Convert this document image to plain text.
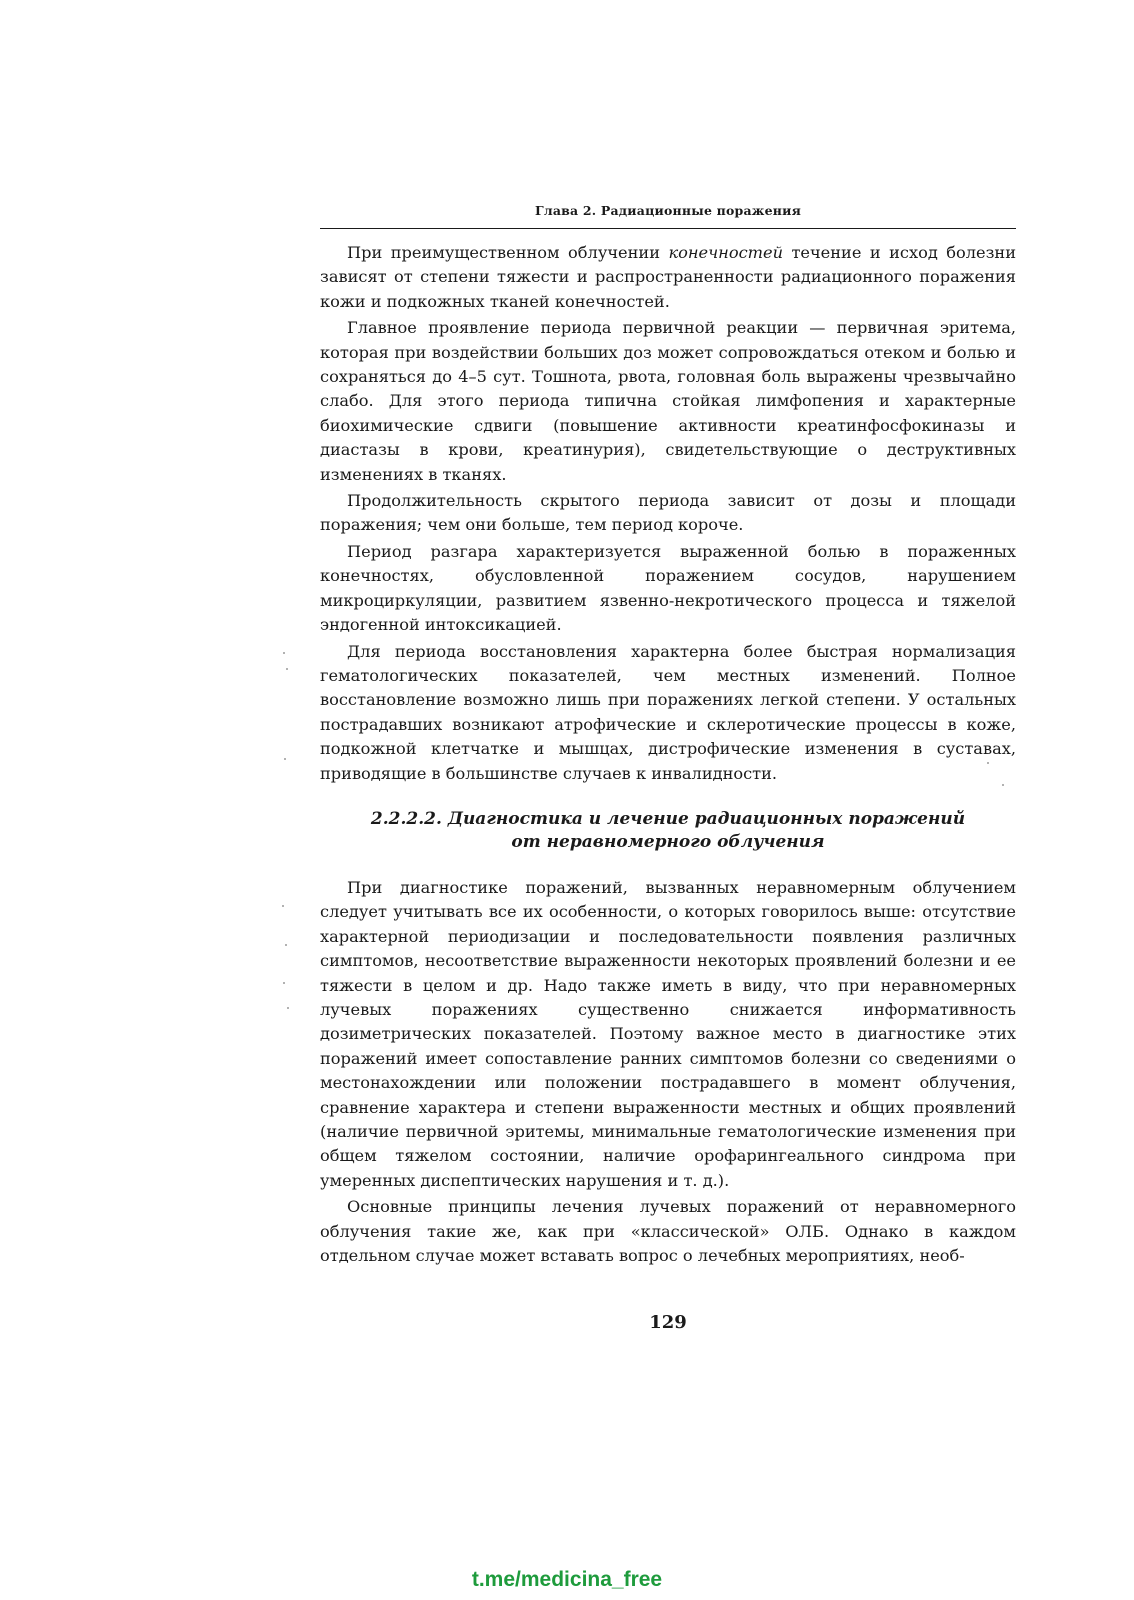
Глава 2. Радиационные поражения

При преимущественном облучении конечностей течение и исход болезни зависят от степени тяжести и распространенности радиационного поражения кожи и подкожных тканей конечностей.

Главное проявление периода первичной реакции — первичная эритема, которая при воздействии больших доз может сопровождаться отеком и болью и сохраняться до 4–5 сут. Тошнота, рвота, головная боль выражены чрезвычайно слабо. Для этого периода типична стойкая лимфопения и характерные биохимические сдвиги (повышение активности креатинфосфокиназы и диастазы в крови, креатинурия), свидетельствующие о деструктивных изменениях в тканях.

Продолжительность скрытого периода зависит от дозы и площади поражения; чем они больше, тем период короче.

Период разгара характеризуется выраженной болью в пораженных конечностях, обусловленной поражением сосудов, нарушением микроциркуляции, развитием язвенно-некротического процесса и тяжелой эндогенной интоксикацией.

Для периода восстановления характерна более быстрая нормализация гематологических показателей, чем местных изменений. Полное восстановление возможно лишь при поражениях легкой степени. У остальных пострадавших возникают атрофические и склеротические процессы в коже, подкожной клетчатке и мышцах, дистрофические изменения в суставах, приводящие в большинстве случаев к инвалидности.

2.2.2.2. Диагностика и лечение радиационных поражений
от неравномерного облучения

При диагностике поражений, вызванных неравномерным облучением следует учитывать все их особенности, о которых говорилось выше: отсутствие характерной периодизации и последовательности появления различных симптомов, несоответствие выраженности некоторых проявлений болезни и ее тяжести в целом и др. Надо также иметь в виду, что при неравномерных лучевых поражениях существенно снижается информативность дозиметрических показателей. Поэтому важное место в диагностике этих поражений имеет сопоставление ранних симптомов болезни со сведениями о местонахождении или положении пострадавшего в момент облучения, сравнение характера и степени выраженности местных и общих проявлений (наличие первичной эритемы, минимальные гематологические изменения при общем тяжелом состоянии, наличие орофарингеального синдрома при умеренных диспептических нарушения и т. д.).

Основные принципы лечения лучевых поражений от неравномерного облучения такие же, как при «классической» ОЛБ. Однако в каждом отдельном случае может вставать вопрос о лечебных мероприятиях, необ-

129
t.me/medicina_free
